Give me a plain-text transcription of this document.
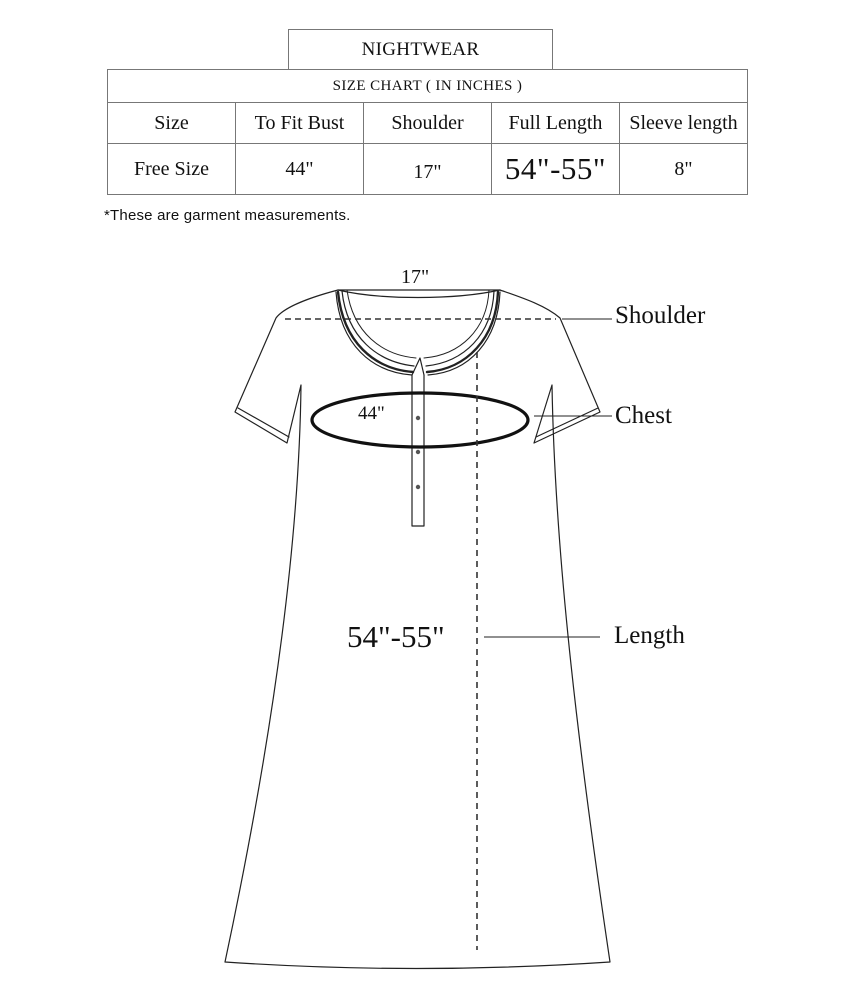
NIGHTWEAR
SIZE CHART ( IN INCHES )				
Size	To Fit Bust	Shoulder	Full Length	Sleeve length
Free Size	44"	17"	54"-55"	8"
*These are garment measurements.
17"
44"
54"-55"
Shoulder
Chest
Length
